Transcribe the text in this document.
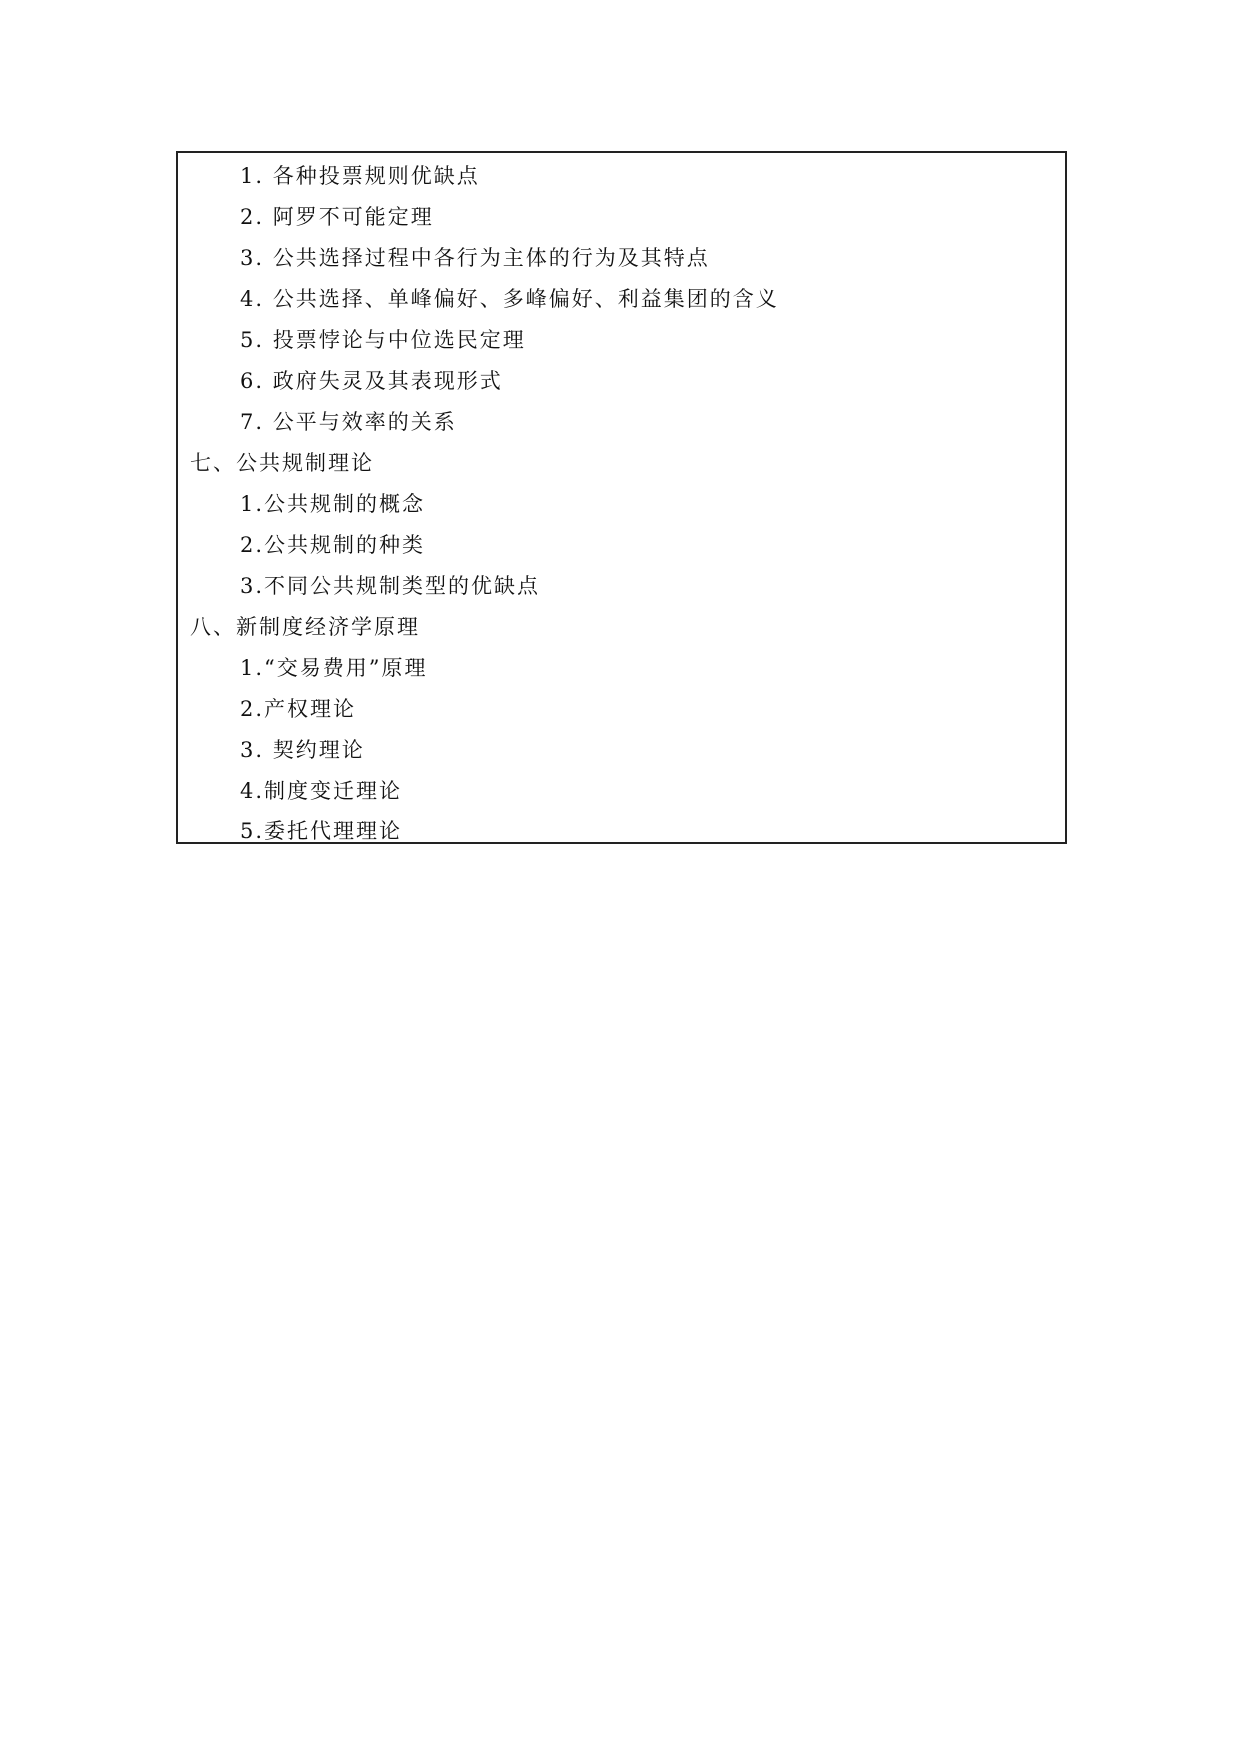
1. 各种投票规则优缺点
2. 阿罗不可能定理
3. 公共选择过程中各行为主体的行为及其特点
4. 公共选择、单峰偏好、多峰偏好、利益集团的含义
5. 投票悖论与中位选民定理
6. 政府失灵及其表现形式
7. 公平与效率的关系
七、公共规制理论
1.公共规制的概念
2.公共规制的种类
3.不同公共规制类型的优缺点
八、新制度经济学原理
1.“交易费用”原理
2.产权理论
3. 契约理论
4.制度变迁理论
5.委托代理理论
